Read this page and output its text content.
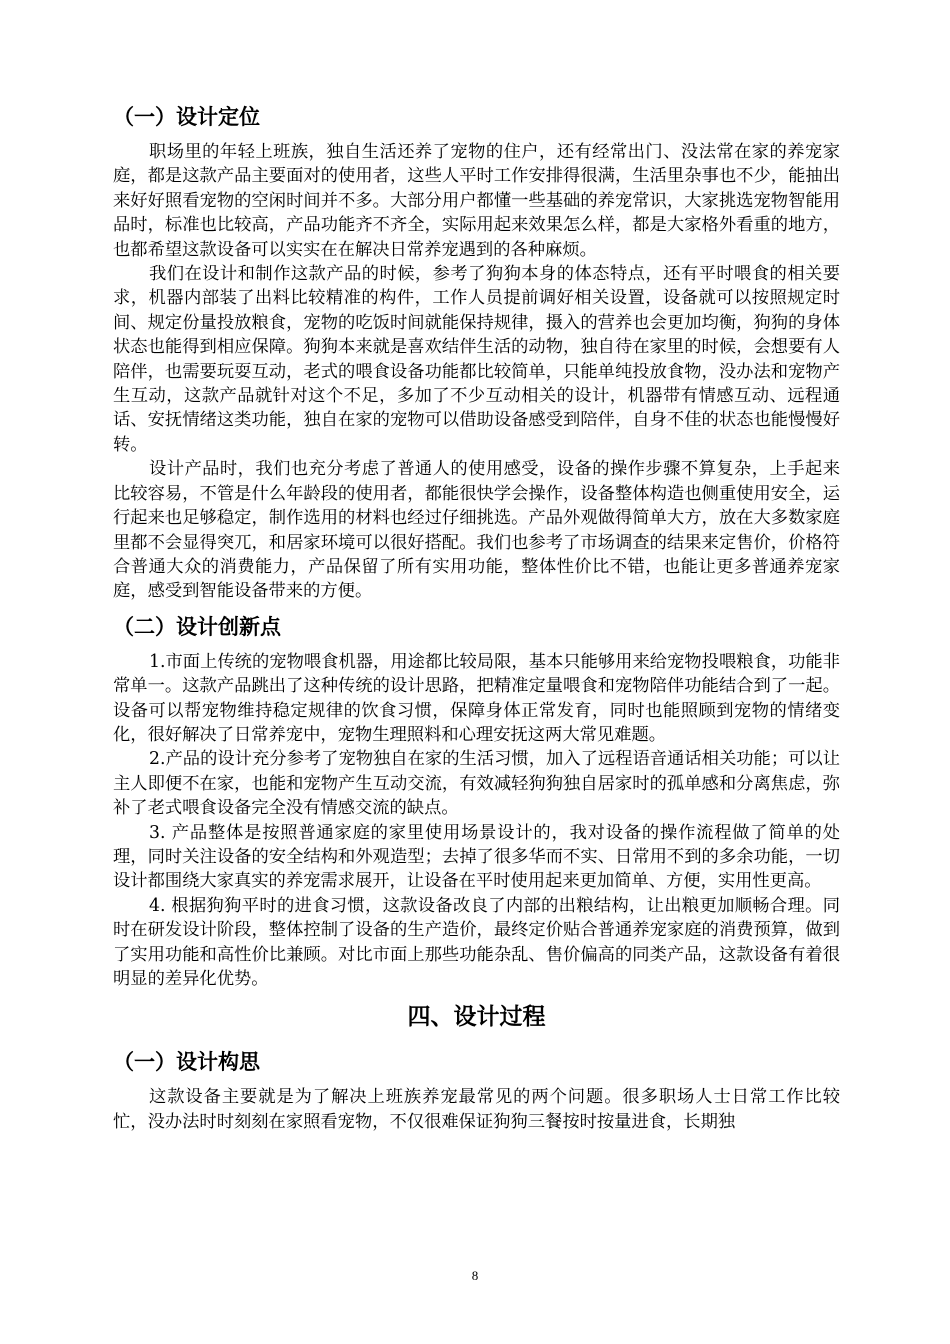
（一）设计定位

职场里的年轻上班族，独自生活还养了宠物的住户，还有经常出门、没法常在家的养宠家庭，都是这款产品主要面对的使用者，这些人平时工作安排得很满，生活里杂事也不少，能抽出来好好照看宠物的空闲时间并不多。大部分用户都懂一些基础的养宠常识，大家挑选宠物智能用品时，标准也比较高，产品功能齐不齐全，实际用起来效果怎么样，都是大家格外看重的地方，也都希望这款设备可以实实在在解决日常养宠遇到的各种麻烦。

我们在设计和制作这款产品的时候，参考了狗狗本身的体态特点，还有平时喂食的相关要求，机器内部装了出料比较精准的构件，工作人员提前调好相关设置，设备就可以按照规定时间、规定份量投放粮食，宠物的吃饭时间就能保持规律，摄入的营养也会更加均衡，狗狗的身体状态也能得到相应保障。狗狗本来就是喜欢结伴生活的动物，独自待在家里的时候，会想要有人陪伴，也需要玩耍互动，老式的喂食设备功能都比较简单，只能单纯投放食物，没办法和宠物产生互动，这款产品就针对这个不足，多加了不少互动相关的设计，机器带有情感互动、远程通话、安抚情绪这类功能，独自在家的宠物可以借助设备感受到陪伴，自身不佳的状态也能慢慢好转。

设计产品时，我们也充分考虑了普通人的使用感受，设备的操作步骤不算复杂，上手起来比较容易，不管是什么年龄段的使用者，都能很快学会操作，设备整体构造也侧重使用安全，运行起来也足够稳定，制作选用的材料也经过仔细挑选。产品外观做得简单大方，放在大多数家庭里都不会显得突兀，和居家环境可以很好搭配。我们也参考了市场调查的结果来定售价，价格符合普通大众的消费能力，产品保留了所有实用功能，整体性价比不错，也能让更多普通养宠家庭，感受到智能设备带来的方便。

（二）设计创新点

1.市面上传统的宠物喂食机器，用途都比较局限，基本只能够用来给宠物投喂粮食，功能非常单一。这款产品跳出了这种传统的设计思路，把精准定量喂食和宠物陪伴功能结合到了一起。设备可以帮宠物维持稳定规律的饮食习惯，保障身体正常发育，同时也能照顾到宠物的情绪变化，很好解决了日常养宠中，宠物生理照料和心理安抚这两大常见难题。

2.产品的设计充分参考了宠物独自在家的生活习惯，加入了远程语音通话相关功能；可以让主人即便不在家，也能和宠物产生互动交流，有效减轻狗狗独自居家时的孤单感和分离焦虑，弥补了老式喂食设备完全没有情感交流的缺点。

3. 产品整体是按照普通家庭的家里使用场景设计的，我对设备的操作流程做了简单的处理，同时关注设备的安全结构和外观造型；去掉了很多华而不实、日常用不到的多余功能，一切设计都围绕大家真实的养宠需求展开，让设备在平时使用起来更加简单、方便，实用性更高。

4. 根据狗狗平时的进食习惯，这款设备改良了内部的出粮结构，让出粮更加顺畅合理。同时在研发设计阶段，整体控制了设备的生产造价，最终定价贴合普通养宠家庭的消费预算，做到了实用功能和高性价比兼顾。对比市面上那些功能杂乱、售价偏高的同类产品，这款设备有着很明显的差异化优势。

四、设计过程
（一）设计构思

这款设备主要就是为了解决上班族养宠最常见的两个问题。很多职场人士日常工作比较忙，没办法时时刻刻在家照看宠物，不仅很难保证狗狗三餐按时按量进食，长期独

8
